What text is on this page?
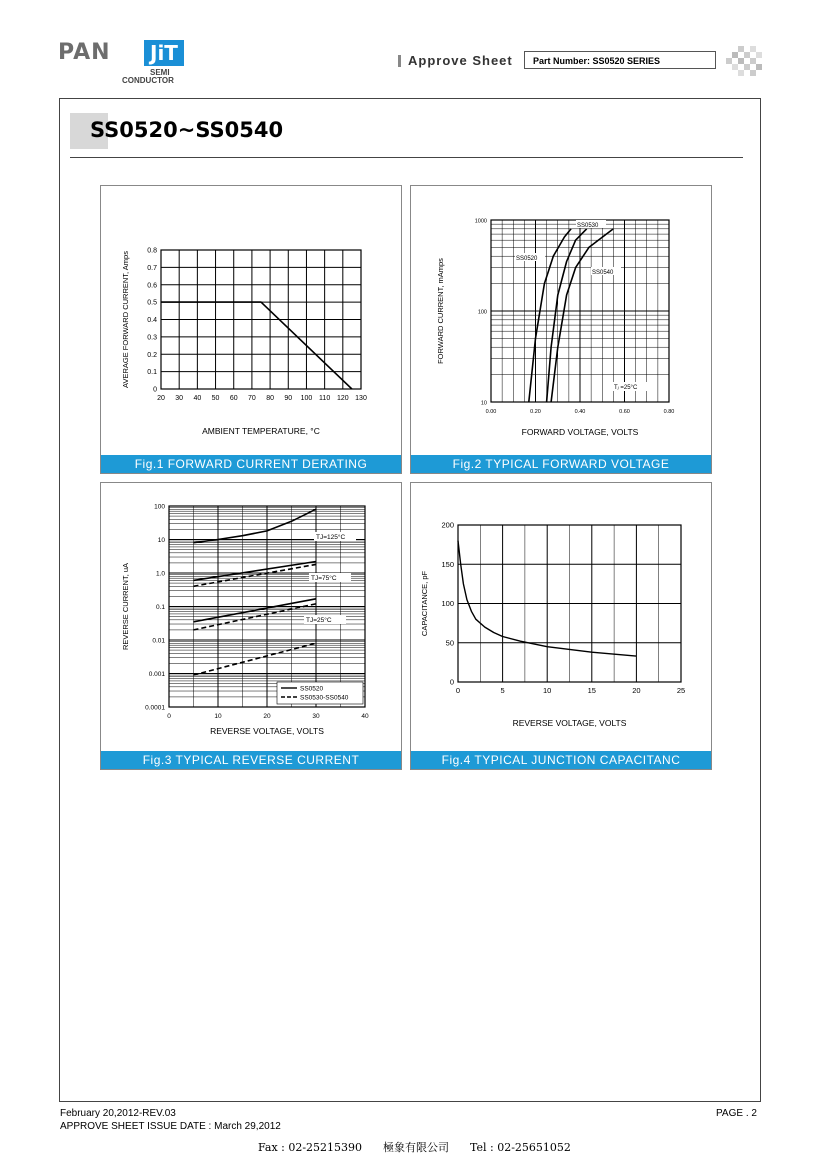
PAN	JiT
SEMI
CONDUCTOR
Approve Sheet	Part Number: SS0520 SERIES
SS0520~SS0540
20 30 40 50 60 70 80 90 100 110 120 130
0
0.1
0.2
0.3
0.4
0.5
0.6
0.7
0.8
AMBIENT TEMPERATURE, °C
AVERAGE FORWARD CURRENT, Amps
Fig.1 FORWARD CURRENT DERATING
0.00	0.20	0.40	0.60	0.80
10
100
1000
FORWARD VOLTAGE, VOLTS
FORWARD CURRENT, mAmps
SS0530
SS0520
SS0540
Tⱼ =25°C
Fig.2 TYPICAL FORWARD VOLTAGE
0	10	20	30	40
0.0001
0.001
0.01
0.1
1.0
10
100
REVERSE VOLTAGE, VOLTS
REVERSE CURRENT, uA
TJ=125°C
TJ=75°C
TJ=25°C
SS0520
SS0530-SS0540
Fig.3 TYPICAL REVERSE CURRENT
0	5	10	15	20	25
0
50
100
150
200
REVERSE VOLTAGE, VOLTS
CAPACITANCE, pF
Fig.4 TYPICAL JUNCTION CAPACITANC
February 20,2012-REV.03
APPROVE SHEET ISSUE DATE : March 29,2012
PAGE . 2
Fax : 02-25215390      極象有限公司      Tel : 02-25651052
